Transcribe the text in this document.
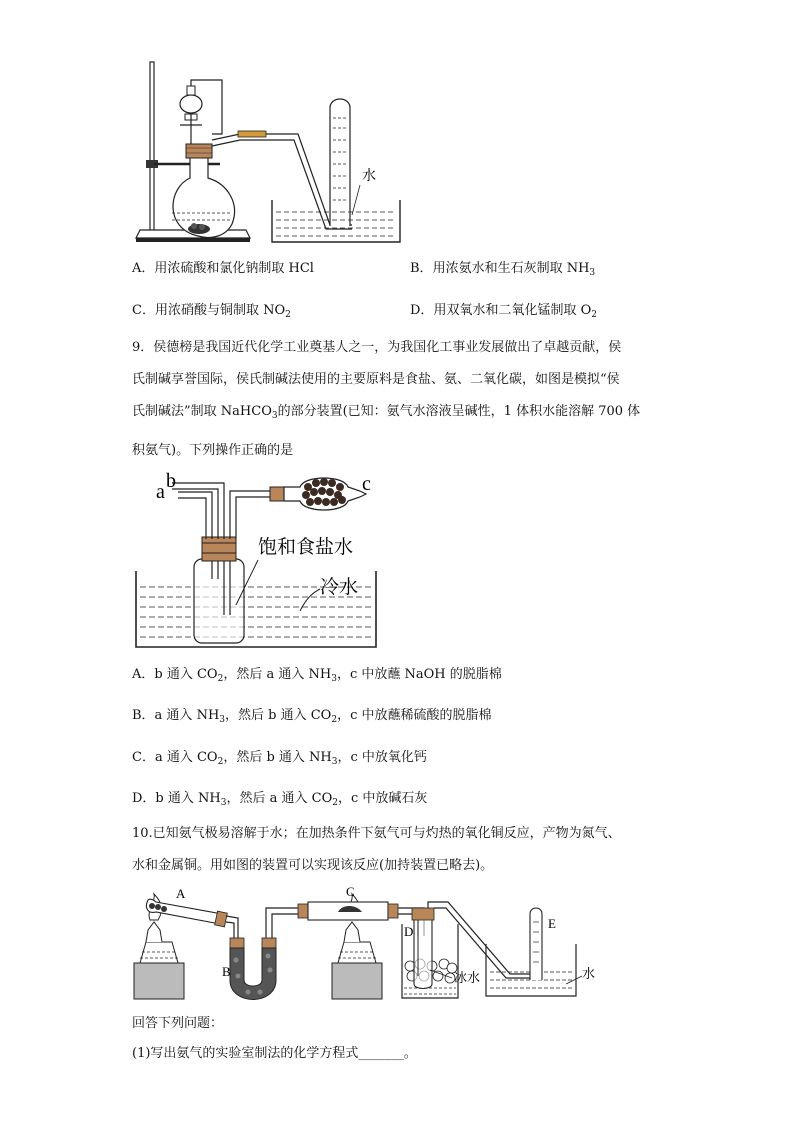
水
A．用浓硫酸和氯化钠制取 HCl	B．用浓氨水和生石灰制取 $NH_3$
C．用浓硝酸与铜制取 $NO_2$	D．用双氧水和二氧化锰制取 $O_2$
9．侯德榜是我国近代化学工业奠基人之一，为我国化工事业发展做出了卓越贡献，侯
氏制碱享誉国际，侯氏制碱法使用的主要原料是食盐、氨、二氧化碳，如图是模拟“侯
氏制碱法”制取 NaHCO$_3$的部分装置(已知：氨气水溶液呈碱性，1 体积水能溶解 700 体
积氨气)。下列操作正确的是
a b	c
饱和食盐水
冷水
A．b 通入 $CO_2$，然后 a 通入 $NH_3$，c 中放蘸 NaOH 的脱脂棉
B．a 通入 $NH_3$，然后 b 通入 $CO_2$，c 中放蘸稀硫酸的脱脂棉
C．a 通入 $CO_2$，然后 b 通入 $NH_3$，c 中放氧化钙
D．b 通入 $NH_3$，然后 a 通入 $CO_2$，c 中放碱石灰
10.已知氨气极易溶解于水；在加热条件下氨气可与灼热的氧化铜反应，产物为氮气、
水和金属铜。用如图的装置可以实现该反应(加持装置已略去)。
A
B
C
D
E
冰水	水
回答下列问题：
(1)写出氨气的实验室制法的化学方程式_______。
